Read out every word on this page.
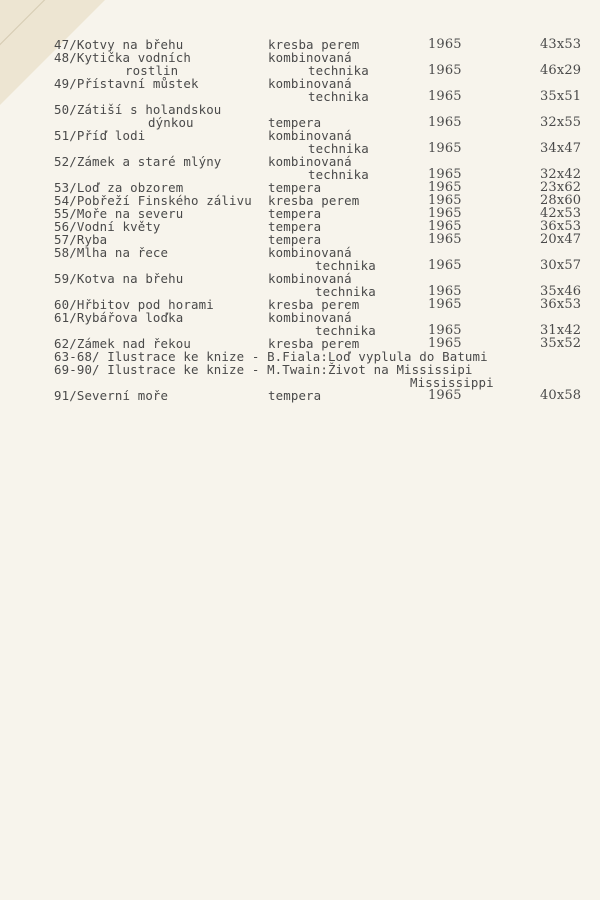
47/Kotvy na břehu	kresba perem	1965	43x53
48/Kytička vodních	kombinovaná
rostlin	technika	1965	46x29
49/Přístavní můstek	kombinovaná
technika	1965	35x51
50/Zátiší s holandskou
dýnkou	tempera	1965	32x55
51/Příď lodi	kombinovaná
technika	1965	34x47
52/Zámek a staré mlýny	kombinovaná
technika	1965	32x42
53/Loď za obzorem	tempera	1965	23x62
54/Pobřeží Finského zálivu kresba perem	1965	28x60
55/Moře na severu	tempera	1965	42x53
56/Vodní květy	tempera	1965	36x53
57/Ryba	tempera	1965	20x47
58/Mlha na řece	kombinovaná
technika	1965	30x57
59/Kotva na břehu	kombinovaná
technika	1965	35x46
60/Hřbitov pod horami	kresba perem	1965	36x53
61/Rybářova loďka	kombinovaná
technika	1965	31x42
62/Zámek nad řekou	kresba perem	1965	35x52
63-68/ Ilustrace ke knize - B.Fiala:Loď vyplula do Batumi
69-90/ Ilustrace ke knize - M.Twain:Život na Mississipi
Mississippi
91/Severní moře	tempera	1965	40x58
